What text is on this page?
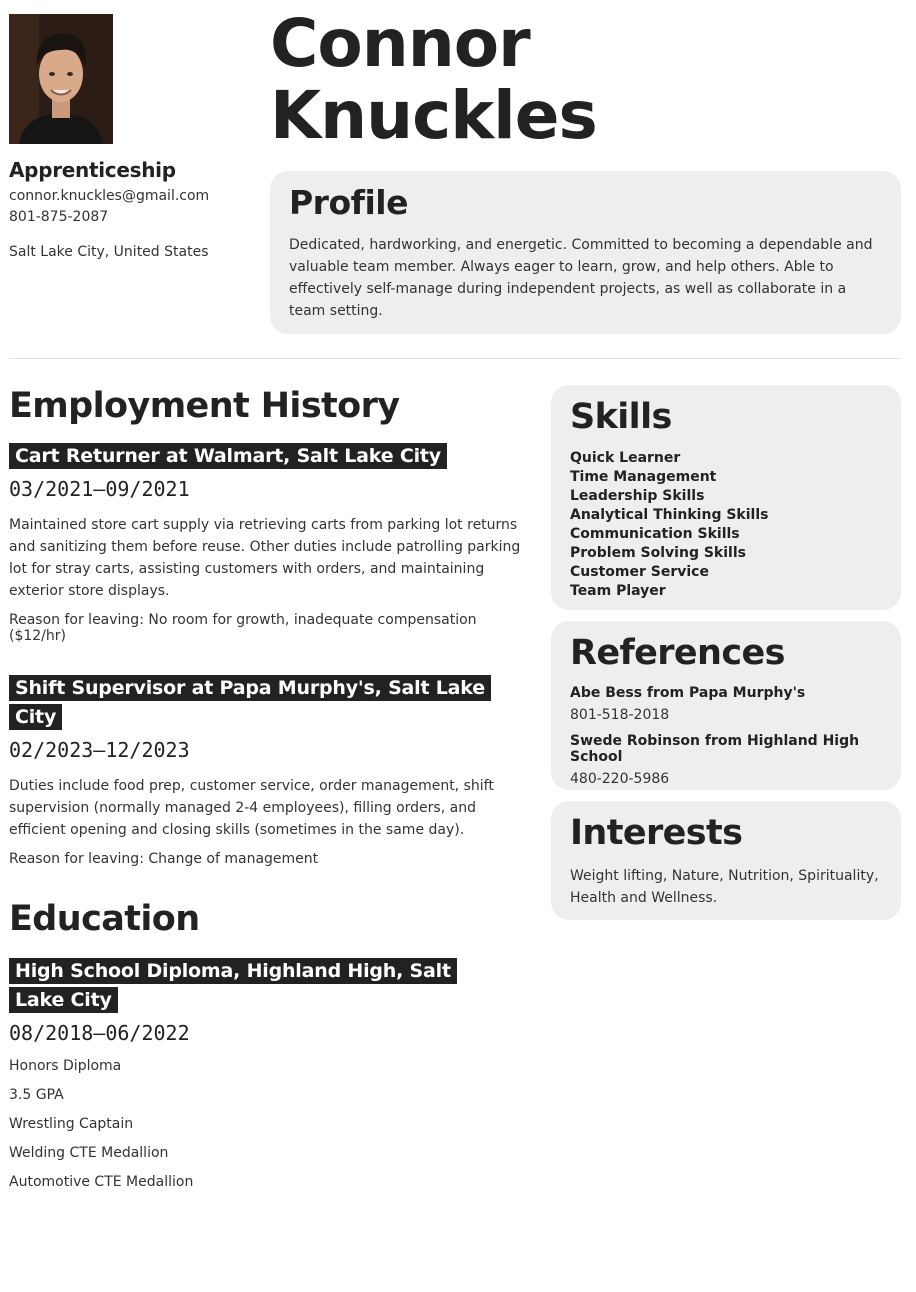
Apprenticeship
connor.knuckles@gmail.com
801-875-2087
Salt Lake City, United States
Connor
Knuckles
Profile
Dedicated, hardworking, and energetic. Committed to becoming a dependable and valuable team member. Always eager to learn, grow, and help others. Able to effectively self-manage during independent projects, as well as collaborate in a team setting.
Employment History
Cart Returner at Walmart, Salt Lake City
03/2021—09/2021
Maintained store cart supply via retrieving carts from parking lot returns and sanitizing them before reuse. Other duties include patrolling parking lot for stray carts, assisting customers with orders, and maintaining exterior store displays.
Reason for leaving: No room for growth, inadequate compensation ($12/hr)
Shift Supervisor at Papa Murphy's, Salt Lake City
02/2023—12/2023
Duties include food prep, customer service, order management, shift supervision (normally managed 2-4 employees), filling orders, and efficient opening and closing skills (sometimes in the same day).
Reason for leaving: Change of management
Education
High School Diploma, Highland High, Salt Lake City
08/2018—06/2022
Honors Diploma
3.5 GPA
Wrestling Captain
Welding CTE Medallion
Automotive CTE Medallion
Skills
Quick Learner
Time Management
Leadership Skills
Analytical Thinking Skills
Communication Skills
Problem Solving Skills
Customer Service
Team Player
References
Abe Bess from Papa Murphy's
801-518-2018
Swede Robinson from Highland High School
480-220-5986
Interests
Weight lifting, Nature, Nutrition, Spirituality, Health and Wellness.
